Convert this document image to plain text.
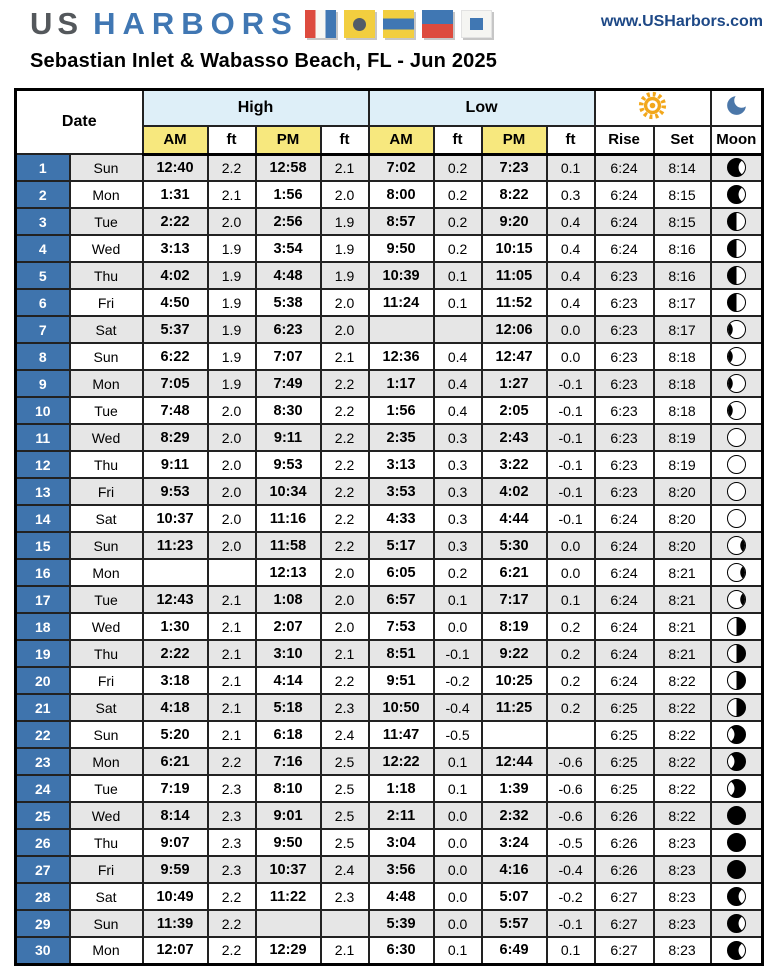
US HARBORS	www.USHarbors.com
Sebastian Inlet & Wabasso Beach, FL - Jun 2025
Date		High				Low		
		AM	ft	PM	ft	AM	ft	PM	ft	Rise	Set	Moon
1	Sun	12:40	2.2	12:58	2.1	7:02	0.2	7:23	0.1	6:24	8:14	
2	Mon	1:31	2.1	1:56	2.0	8:00	0.2	8:22	0.3	6:24	8:15	
3	Tue	2:22	2.0	2:56	1.9	8:57	0.2	9:20	0.4	6:24	8:15	
4	Wed	3:13	1.9	3:54	1.9	9:50	0.2	10:15	0.4	6:24	8:16	
5	Thu	4:02	1.9	4:48	1.9	10:39	0.1	11:05	0.4	6:23	8:16	
6	Fri	4:50	1.9	5:38	2.0	11:24	0.1	11:52	0.4	6:23	8:17	
7	Sat	5:37	1.9	6:23	2.0			12:06	0.0	6:23	8:17	
8	Sun	6:22	1.9	7:07	2.1	12:36	0.4	12:47	0.0	6:23	8:18	
9	Mon	7:05	1.9	7:49	2.2	1:17	0.4	1:27	-0.1	6:23	8:18	
10	Tue	7:48	2.0	8:30	2.2	1:56	0.4	2:05	-0.1	6:23	8:18	
11	Wed	8:29	2.0	9:11	2.2	2:35	0.3	2:43	-0.1	6:23	8:19	
12	Thu	9:11	2.0	9:53	2.2	3:13	0.3	3:22	-0.1	6:23	8:19	
13	Fri	9:53	2.0	10:34	2.2	3:53	0.3	4:02	-0.1	6:23	8:20	
14	Sat	10:37	2.0	11:16	2.2	4:33	0.3	4:44	-0.1	6:24	8:20	
15	Sun	11:23	2.0	11:58	2.2	5:17	0.3	5:30	0.0	6:24	8:20	
16	Mon			12:13	2.0	6:05	0.2	6:21	0.0	6:24	8:21	
17	Tue	12:43	2.1	1:08	2.0	6:57	0.1	7:17	0.1	6:24	8:21	
18	Wed	1:30	2.1	2:07	2.0	7:53	0.0	8:19	0.2	6:24	8:21	
19	Thu	2:22	2.1	3:10	2.1	8:51	-0.1	9:22	0.2	6:24	8:21	
20	Fri	3:18	2.1	4:14	2.2	9:51	-0.2	10:25	0.2	6:24	8:22	
21	Sat	4:18	2.1	5:18	2.3	10:50	-0.4	11:25	0.2	6:25	8:22	
22	Sun	5:20	2.1	6:18	2.4	11:47	-0.5			6:25	8:22	
23	Mon	6:21	2.2	7:16	2.5	12:22	0.1	12:44	-0.6	6:25	8:22	
24	Tue	7:19	2.3	8:10	2.5	1:18	0.1	1:39	-0.6	6:25	8:22	
25	Wed	8:14	2.3	9:01	2.5	2:11	0.0	2:32	-0.6	6:26	8:22	
26	Thu	9:07	2.3	9:50	2.5	3:04	0.0	3:24	-0.5	6:26	8:23	
27	Fri	9:59	2.3	10:37	2.4	3:56	0.0	4:16	-0.4	6:26	8:23	
28	Sat	10:49	2.2	11:22	2.3	4:48	0.0	5:07	-0.2	6:27	8:23	
29	Sun	11:39	2.2			5:39	0.0	5:57	-0.1	6:27	8:23	
30	Mon	12:07	2.2	12:29	2.1	6:30	0.1	6:49	0.1	6:27	8:23	
